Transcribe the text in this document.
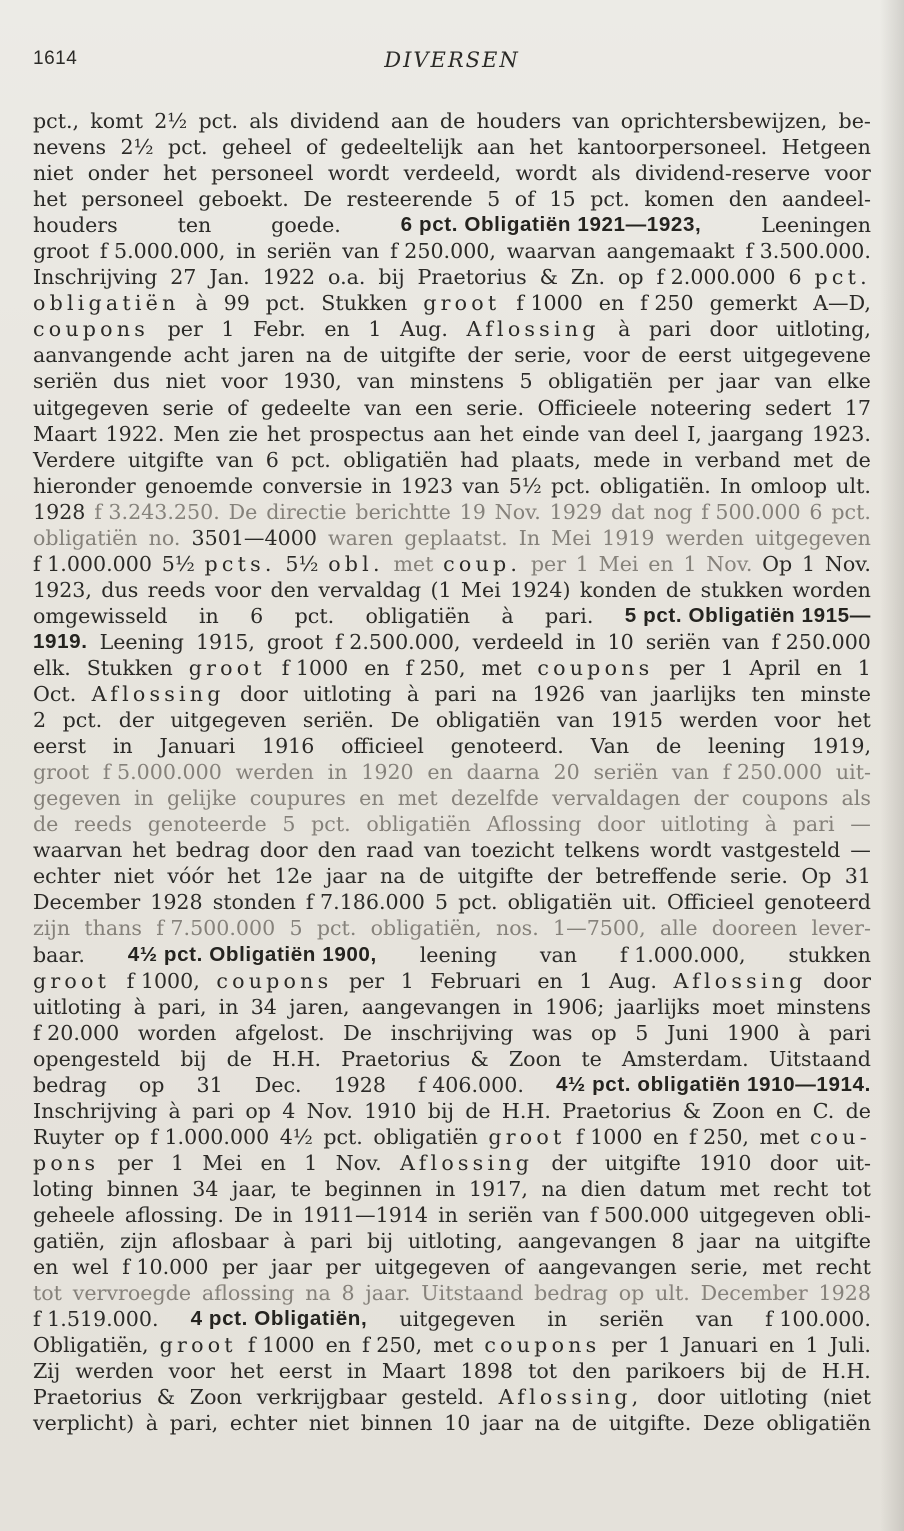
1614	DIVERSEN
pct., komt 2½ pct. als dividend aan de houders van oprichtersbewijzen, be-
nevens 2½ pct. geheel of gedeeltelijk aan het kantoorpersoneel. Hetgeen
niet onder het personeel wordt verdeeld, wordt als dividend-reserve voor
het personeel geboekt. De resteerende 5 of 15 pct. komen den aandeel-
houders	ten	goede.	6 pct. Obligatiën 1921—1923,	Leeningen
groot f 5.000.000, in seriën van f 250.000, waarvan aangemaakt f 3.500.000.
Inschrijving 27 Jan. 1922 o.a. bij Praetorius & Zn. op f 2.000.000 6 pct.
obligatiën à 99 pct. Stukken groot f 1000 en f 250 gemerkt A—D,
coupons per 1 Febr. en 1 Aug. Aflossing à pari door uitloting,
aanvangende acht jaren na de uitgifte der serie, voor de eerst uitgegevene
seriën dus niet voor 1930, van minstens 5 obligatiën per jaar van elke
uitgegeven serie of gedeelte van een serie. Officieele noteering sedert 17
Maart 1922. Men zie het prospectus aan het einde van deel I, jaargang 1923.
Verdere uitgifte van 6 pct. obligatiën had plaats, mede in verband met de
hieronder genoemde conversie in 1923 van 5½ pct. obligatiën. In omloop ult.
1928 f 3.243.250. De directie berichtte 19 Nov. 1929 dat nog f 500.000 6 pct.
obligatiën no. 3501—4000 waren geplaatst. In Mei 1919 werden uitgegeven
f 1.000.000 5½ pcts. 5½ obl. met coup. per 1 Mei en 1 Nov. Op 1 Nov.
1923, dus reeds voor den vervaldag (1 Mei 1924) konden de stukken worden
omgewisseld in 6 pct. obligatiën à pari. 5 pct. Obligatiën 1915—
1919. Leening 1915, groot f 2.500.000, verdeeld in 10 seriën van f 250.000
elk. Stukken groot f 1000 en f 250, met coupons per 1 April en 1
Oct. Aflossing door uitloting à pari na 1926 van jaarlijks ten minste
2 pct. der uitgegeven seriën. De obligatiën van 1915 werden voor het
eerst in Januari 1916 officieel genoteerd. Van de leening 1919,
groot f 5.000.000 werden in 1920 en daarna 20 seriën van f 250.000 uit-
gegeven in gelijke coupures en met dezelfde vervaldagen der coupons als
de reeds genoteerde 5 pct. obligatiën Aflossing door uitloting à pari —
waarvan het bedrag door den raad van toezicht telkens wordt vastgesteld —
echter niet vóór het 12e jaar na de uitgifte der betreffende serie. Op 31
December 1928 stonden f 7.186.000 5 pct. obligatiën uit. Officieel genoteerd
zijn thans f 7.500.000 5 pct. obligatiën, nos. 1—7500, alle dooreen lever-
baar. 4½ pct. Obligatiën 1900, leening van f 1.000.000, stukken
groot f 1000, coupons per 1 Februari en 1 Aug. Aflossing door
uitloting à pari, in 34 jaren, aangevangen in 1906; jaarlijks moet minstens
f 20.000 worden afgelost. De inschrijving was op 5 Juni 1900 à pari
opengesteld bij de H.H. Praetorius & Zoon te Amsterdam. Uitstaand
bedrag op 31 Dec. 1928 f 406.000. 4½ pct. obligatiën 1910—1914.
Inschrijving à pari op 4 Nov. 1910 bij de H.H. Praetorius & Zoon en C. de
Ruyter op f 1.000.000 4½ pct. obligatiën groot f 1000 en f 250, met cou-
pons per 1 Mei en 1 Nov. Aflossing der uitgifte 1910 door uit-
loting binnen 34 jaar, te beginnen in 1917, na dien datum met recht tot
geheele aflossing. De in 1911—1914 in seriën van f 500.000 uitgegeven obli-
gatiën, zijn aflosbaar à pari bij uitloting, aangevangen 8 jaar na uitgifte
en wel f 10.000 per jaar per uitgegeven of aangevangen serie, met recht
tot vervroegde aflossing na 8 jaar. Uitstaand bedrag op ult. December 1928
f 1.519.000. 4 pct. Obligatiën, uitgegeven in seriën van f 100.000.
Obligatiën, groot f 1000 en f 250, met coupons per 1 Januari en 1 Juli.
Zij werden voor het eerst in Maart 1898 tot den parikoers bij de H.H.
Praetorius & Zoon verkrijgbaar gesteld. Aflossing, door uitloting (niet
verplicht) à pari, echter niet binnen 10 jaar na de uitgifte. Deze obligatiën
